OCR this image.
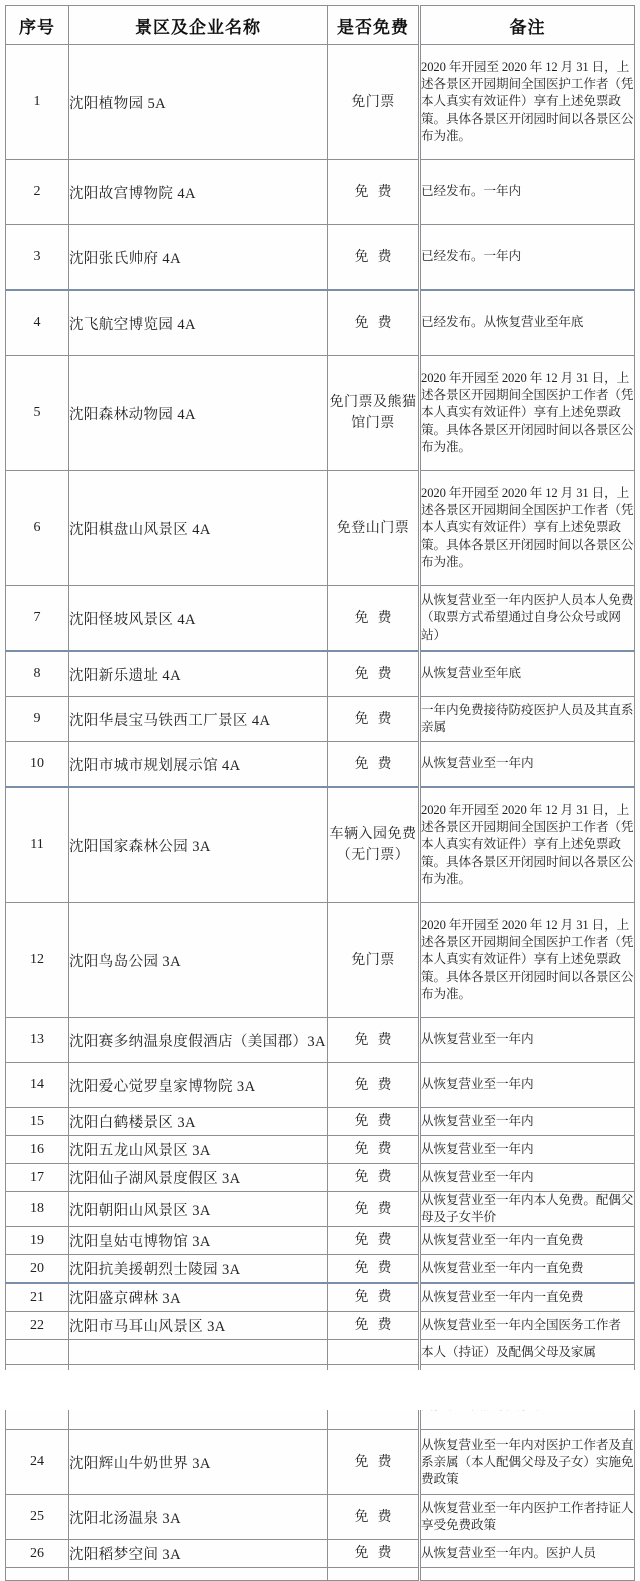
序号	景区及企业名称	是否免费	备注
1	沈阳植物园 5A	免门票	2020 年开园至 2020 年 12 月 31 日，上述各景区开园期间全国医护工作者（凭本人真实有效证件）享有上述免票政策。具体各景区开闭园时间以各景区公布为准。
2	沈阳故宫博物院 4A	免费	已经发布。一年内
3	沈阳张氏帅府 4A	免费	已经发布。一年内
4	沈飞航空博览园 4A	免费	已经发布。从恢复营业至年底
5	沈阳森林动物园 4A	免门票及熊猫馆门票	2020 年开园至 2020 年 12 月 31 日，上述各景区开园期间全国医护工作者（凭本人真实有效证件）享有上述免票政策。具体各景区开闭园时间以各景区公布为准。
6	沈阳棋盘山风景区 4A	免登山门票	2020 年开园至 2020 年 12 月 31 日，上述各景区开园期间全国医护工作者（凭本人真实有效证件）享有上述免票政策。具体各景区开闭园时间以各景区公布为准。
7	沈阳怪坡风景区 4A	免费	从恢复营业至一年内医护人员本人免费（取票方式希望通过自身公众号或网站）
8	沈阳新乐遗址 4A	免费	从恢复营业至年底
9	沈阳华晨宝马铁西工厂景区 4A	免费	一年内免费接待防疫医护人员及其直系亲属
10	沈阳市城市规划展示馆 4A	免费	从恢复营业至一年内
11	沈阳国家森林公园 3A	车辆入园免费（无门票）	2020 年开园至 2020 年 12 月 31 日，上述各景区开园期间全国医护工作者（凭本人真实有效证件）享有上述免票政策。具体各景区开闭园时间以各景区公布为准。
12	沈阳鸟岛公园 3A	免门票	2020 年开园至 2020 年 12 月 31 日，上述各景区开园期间全国医护工作者（凭本人真实有效证件）享有上述免票政策。具体各景区开闭园时间以各景区公布为准。
13	沈阳赛多纳温泉度假酒店（美国郡）3A	免费	从恢复营业至一年内
14	沈阳爱心觉罗皇家博物院 3A	免费	从恢复营业至一年内
15	沈阳白鹤楼景区 3A	免费	从恢复营业至一年内
16	沈阳五龙山风景区 3A	免费	从恢复营业至一年内
17	沈阳仙子湖风景度假区 3A	免费	从恢复营业至一年内
18	沈阳朝阳山风景区 3A	免费	从恢复营业至一年内本人免费。配偶父母及子女半价
19	沈阳皇姑屯博物馆 3A	免费	从恢复营业至一年内一直免费
20	沈阳抗美援朝烈士陵园 3A	免费	从恢复营业至一年内一直免费
21	沈阳盛京碑林 3A	免费	从恢复营业至一年内一直免费
22	沈阳市马耳山风景区 3A	免费	从恢复营业至一年内全国医务工作者
			本人（持证）及配偶父母及家属

24	沈阳辉山牛奶世界 3A	免费	从恢复营业至一年内对医护工作者及直系亲属（本人配偶父母及子女）实施免费政策
25	沈阳北汤温泉 3A	免费	从恢复营业至一年内医护工作者持证人享受免费政策
26	沈阳稻梦空间 3A	免费	从恢复营业至一年内。医护人员
